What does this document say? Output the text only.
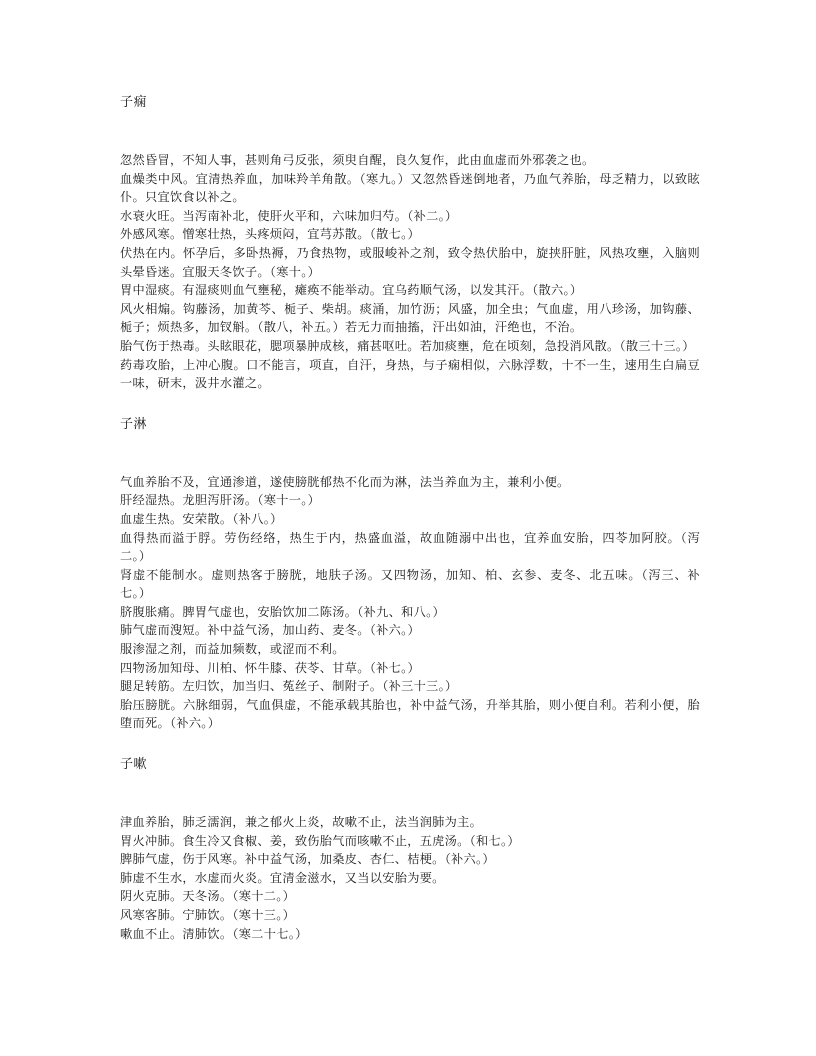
子痫

忽然昏冒，不知人事，甚则角弓反张，须臾自醒，良久复作，此由血虚而外邪袭之也。

血燥类中风。宜清热养血，加味羚羊角散。（寒九。）又忽然昏迷倒地者，乃血气养胎，母乏精力，以致眩仆。只宜饮食以补之。

水衰火旺。当泻南补北，使肝火平和，六味加归芍。（补二。）

外感风寒。憎寒壮热，头疼烦闷，宜芎苏散。（散七。）

伏热在内。怀孕后，多卧热褥，乃食热物，或服峻补之剂，致令热伏胎中，旋挟肝脏，风热攻壅，入脑则头晕昏迷。宜服天冬饮子。（寒十。）

胃中湿痰。有湿痰则血气壅秘，瘫痪不能举动。宜乌药顺气汤，以发其汗。（散六。）

风火相煽。钩藤汤，加黄芩、栀子、柴胡。痰涌，加竹沥；风盛，加全虫；气血虚，用八珍汤，加钩藤、栀子；烦热多，加钗斛。（散八，补五。）若无力而抽搐，汗出如油，汗绝也，不治。

胎气伤于热毒。头眩眼花，腮项暴肿成核，痛甚呕吐。若加痰壅，危在顷刻，急投消风散。（散三十三。）

药毒攻胎，上冲心腹。口不能言，项直，自汗，身热，与子痫相似，六脉浮数，十不一生，速用生白扁豆一味，研末，汲井水灌之。

子淋

气血养胎不及，宜通渗道，遂使膀胱郁热不化而为淋，法当养血为主，兼利小便。

肝经湿热。龙胆泻肝汤。（寒十一。）

血虚生热。安荣散。（补八。）

血得热而溢于脬。劳伤经络，热生于内，热盛血溢，故血随溺中出也，宜养血安胎，四苓加阿胶。（泻二。）

肾虚不能制水。虚则热客于膀胱，地肤子汤。又四物汤，加知、柏、玄参、麦冬、北五味。（泻三、补七。）

脐腹胀痛。脾胃气虚也，安胎饮加二陈汤。（补九、和八。）

肺气虚而溲短。补中益气汤，加山药、麦冬。（补六。）

服渗湿之剂，而益加频数，或涩而不利。

四物汤加知母、川柏、怀牛膝、茯苓、甘草。（补七。）

腿足转筋。左归饮，加当归、菟丝子、制附子。（补三十三。）

胎压膀胱。六脉细弱，气血俱虚，不能承载其胎也，补中益气汤，升举其胎，则小便自利。若利小便，胎堕而死。（补六。）

子嗽

津血养胎，肺乏濡润，兼之郁火上炎，故嗽不止，法当润肺为主。

胃火冲肺。食生冷又食椒、姜，致伤胎气而咳嗽不止，五虎汤。（和七。）

脾肺气虚，伤于风寒。补中益气汤，加桑皮、杏仁、桔梗。（补六。）

肺虚不生水，水虚而火炎。宜清金滋水，又当以安胎为要。

阴火克肺。天冬汤。（寒十二。）

风寒客肺。宁肺饮。（寒十三。）

嗽血不止。清肺饮。（寒二十七。）
